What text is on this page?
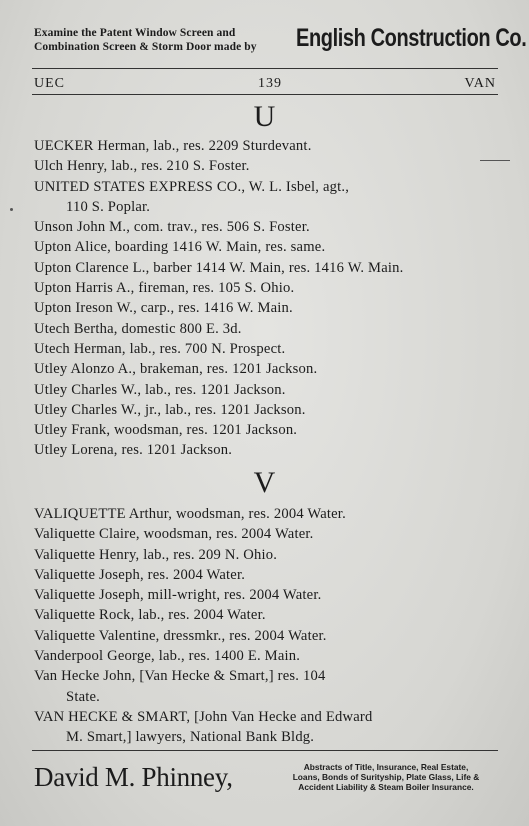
Examine the Patent Window Screen and
Combination Screen & Storm Door made by English Construction Co.
UEC	139	VAN
U
UECKER Herman, lab., res. 2209 Sturdevant.
Ulch Henry, lab., res. 210 S. Foster.
UNITED STATES EXPRESS CO., W. L. Isbel, agt.,
110 S. Poplar.
Unson John M., com. trav., res. 506 S. Foster.
Upton Alice, boarding 1416 W. Main, res. same.
Upton Clarence L., barber 1414 W. Main, res. 1416 W. Main.
Upton Harris A., fireman, res. 105 S. Ohio.
Upton Ireson W., carp., res. 1416 W. Main.
Utech Bertha, domestic 800 E. 3d.
Utech Herman, lab., res. 700 N. Prospect.
Utley Alonzo A., brakeman, res. 1201 Jackson.
Utley Charles W., lab., res. 1201 Jackson.
Utley Charles W., jr., lab., res. 1201 Jackson.
Utley Frank, woodsman, res. 1201 Jackson.
Utley Lorena, res. 1201 Jackson.
V
VALIQUETTE Arthur, woodsman, res. 2004 Water.
Valiquette Claire, woodsman, res. 2004 Water.
Valiquette Henry, lab., res. 209 N. Ohio.
Valiquette Joseph, res. 2004 Water.
Valiquette Joseph, mill-wright, res. 2004 Water.
Valiquette Rock, lab., res. 2004 Water.
Valiquette Valentine, dressmkr., res. 2004 Water.
Vanderpool George, lab., res. 1400 E. Main.
Van Hecke John, [Van Hecke & Smart,] res. 104
State.
VAN HECKE & SMART, [John Van Hecke and Edward
M. Smart,] lawyers, National Bank Bldg.
David M. Phinney,	Abstracts of Title, Insurance, Real Estate,
Loans, Bonds of Surityship, Plate Glass, Life &
Accident Liability & Steam Boiler Insurance.
